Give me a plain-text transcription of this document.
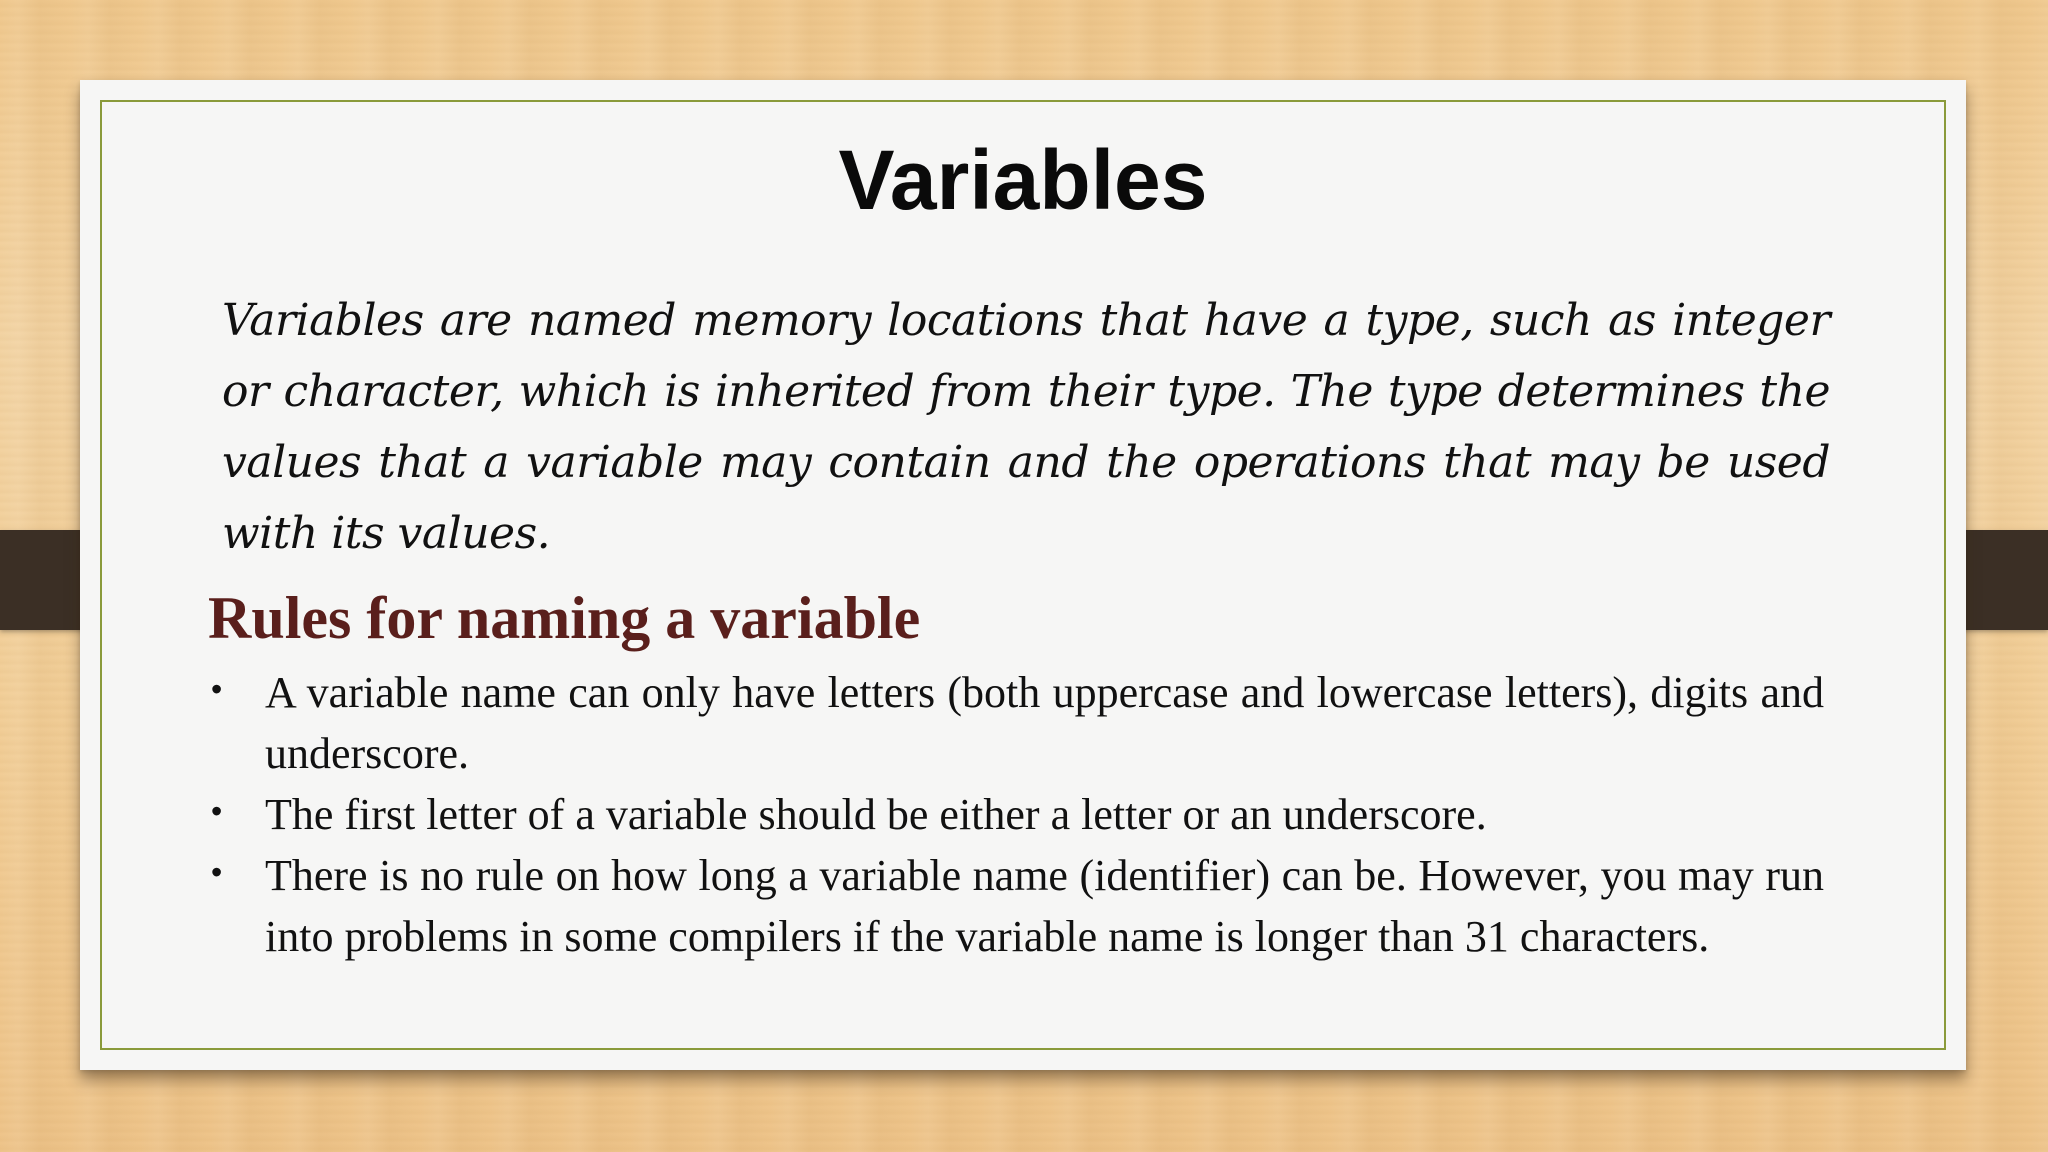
Variables

Variables are named memory locations that have a type, such as integer or character, which is inherited from their type. The type determines the values that a variable may contain and the operations that may be used with its values.

Rules for naming a variable
• A variable name can only have letters (both uppercase and lowercase letters), digits and underscore.
• The first letter of a variable should be either a letter or an underscore.
• There is no rule on how long a variable name (identifier) can be. However, you may run into problems in some compilers if the variable name is longer than 31 characters.
